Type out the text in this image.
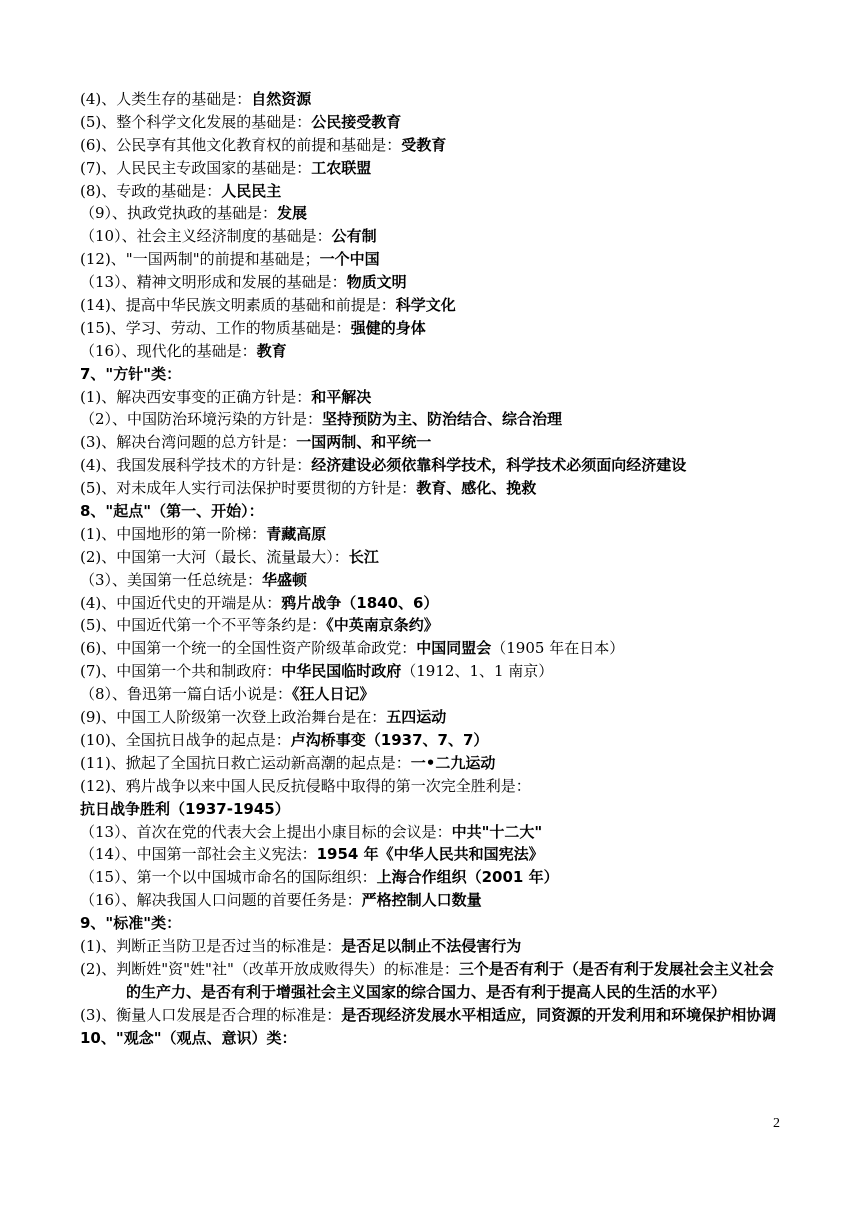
(4)、人类生存的基础是：自然资源
(5)、整个科学文化发展的基础是：公民接受教育
(6)、公民享有其他文化教育权的前提和基础是：受教育
(7)、人民民主专政国家的基础是：工农联盟
(8)、专政的基础是：人民民主
（9）、执政党执政的基础是：发展
（10）、社会主义经济制度的基础是：公有制
(12)、"一国两制"的前提和基础是；一个中国
（13）、精神文明形成和发展的基础是：物质文明
(14)、提高中华民族文明素质的基础和前提是：科学文化
(15)、学习、劳动、工作的物质基础是：强健的身体
（16）、现代化的基础是：教育
7、"方针"类：
(1)、解决西安事变的正确方针是：和平解决
（2）、中国防治环境污染的方针是：坚持预防为主、防治结合、综合治理
(3)、解决台湾问题的总方针是：一国两制、和平统一
(4)、我国发展科学技术的方针是：经济建设必须依靠科学技术，科学技术必须面向经济建设
(5)、对未成年人实行司法保护时要贯彻的方针是：教育、感化、挽救
8、"起点"（第一、开始）：
(1)、中国地形的第一阶梯：青藏高原
(2)、中国第一大河（最长、流量最大）：长江
（3）、美国第一任总统是：华盛顿
(4)、中国近代史的开端是从：鸦片战争（1840、6）
(5)、中国近代第一个不平等条约是：《中英南京条约》
(6)、中国第一个统一的全国性资产阶级革命政党：中国同盟会（1905 年在日本）
(7)、中国第一个共和制政府：中华民国临时政府（1912、1、1 南京）
（8）、鲁迅第一篇白话小说是：《狂人日记》
(9)、中国工人阶级第一次登上政治舞台是在：五四运动
(10)、全国抗日战争的起点是：卢沟桥事变（1937、7、7）
(11)、掀起了全国抗日救亡运动新高潮的起点是：一•二九运动
(12)、鸦片战争以来中国人民反抗侵略中取得的第一次完全胜利是：
抗日战争胜利（1937-1945）
（13）、首次在党的代表大会上提出小康目标的会议是：中共"十二大"
（14）、中国第一部社会主义宪法：1954 年《中华人民共和国宪法》
（15）、第一个以中国城市命名的国际组织：上海合作组织（2001 年）
（16）、解决我国人口问题的首要任务是：严格控制人口数量
9、"标准"类：
(1)、判断正当防卫是否过当的标准是：是否足以制止不法侵害行为
(2)、判断姓"资"姓"社"（改革开放成败得失）的标准是：三个是否有利于（是否有利于发展社会主义社会的生产力、是否有利于增强社会主义国家的综合国力、是否有利于提高人民的生活的水平）
(3)、衡量人口发展是否合理的标准是：是否现经济发展水平相适应，同资源的开发利用和环境保护相协调
10、"观念"（观点、意识）类：
2
